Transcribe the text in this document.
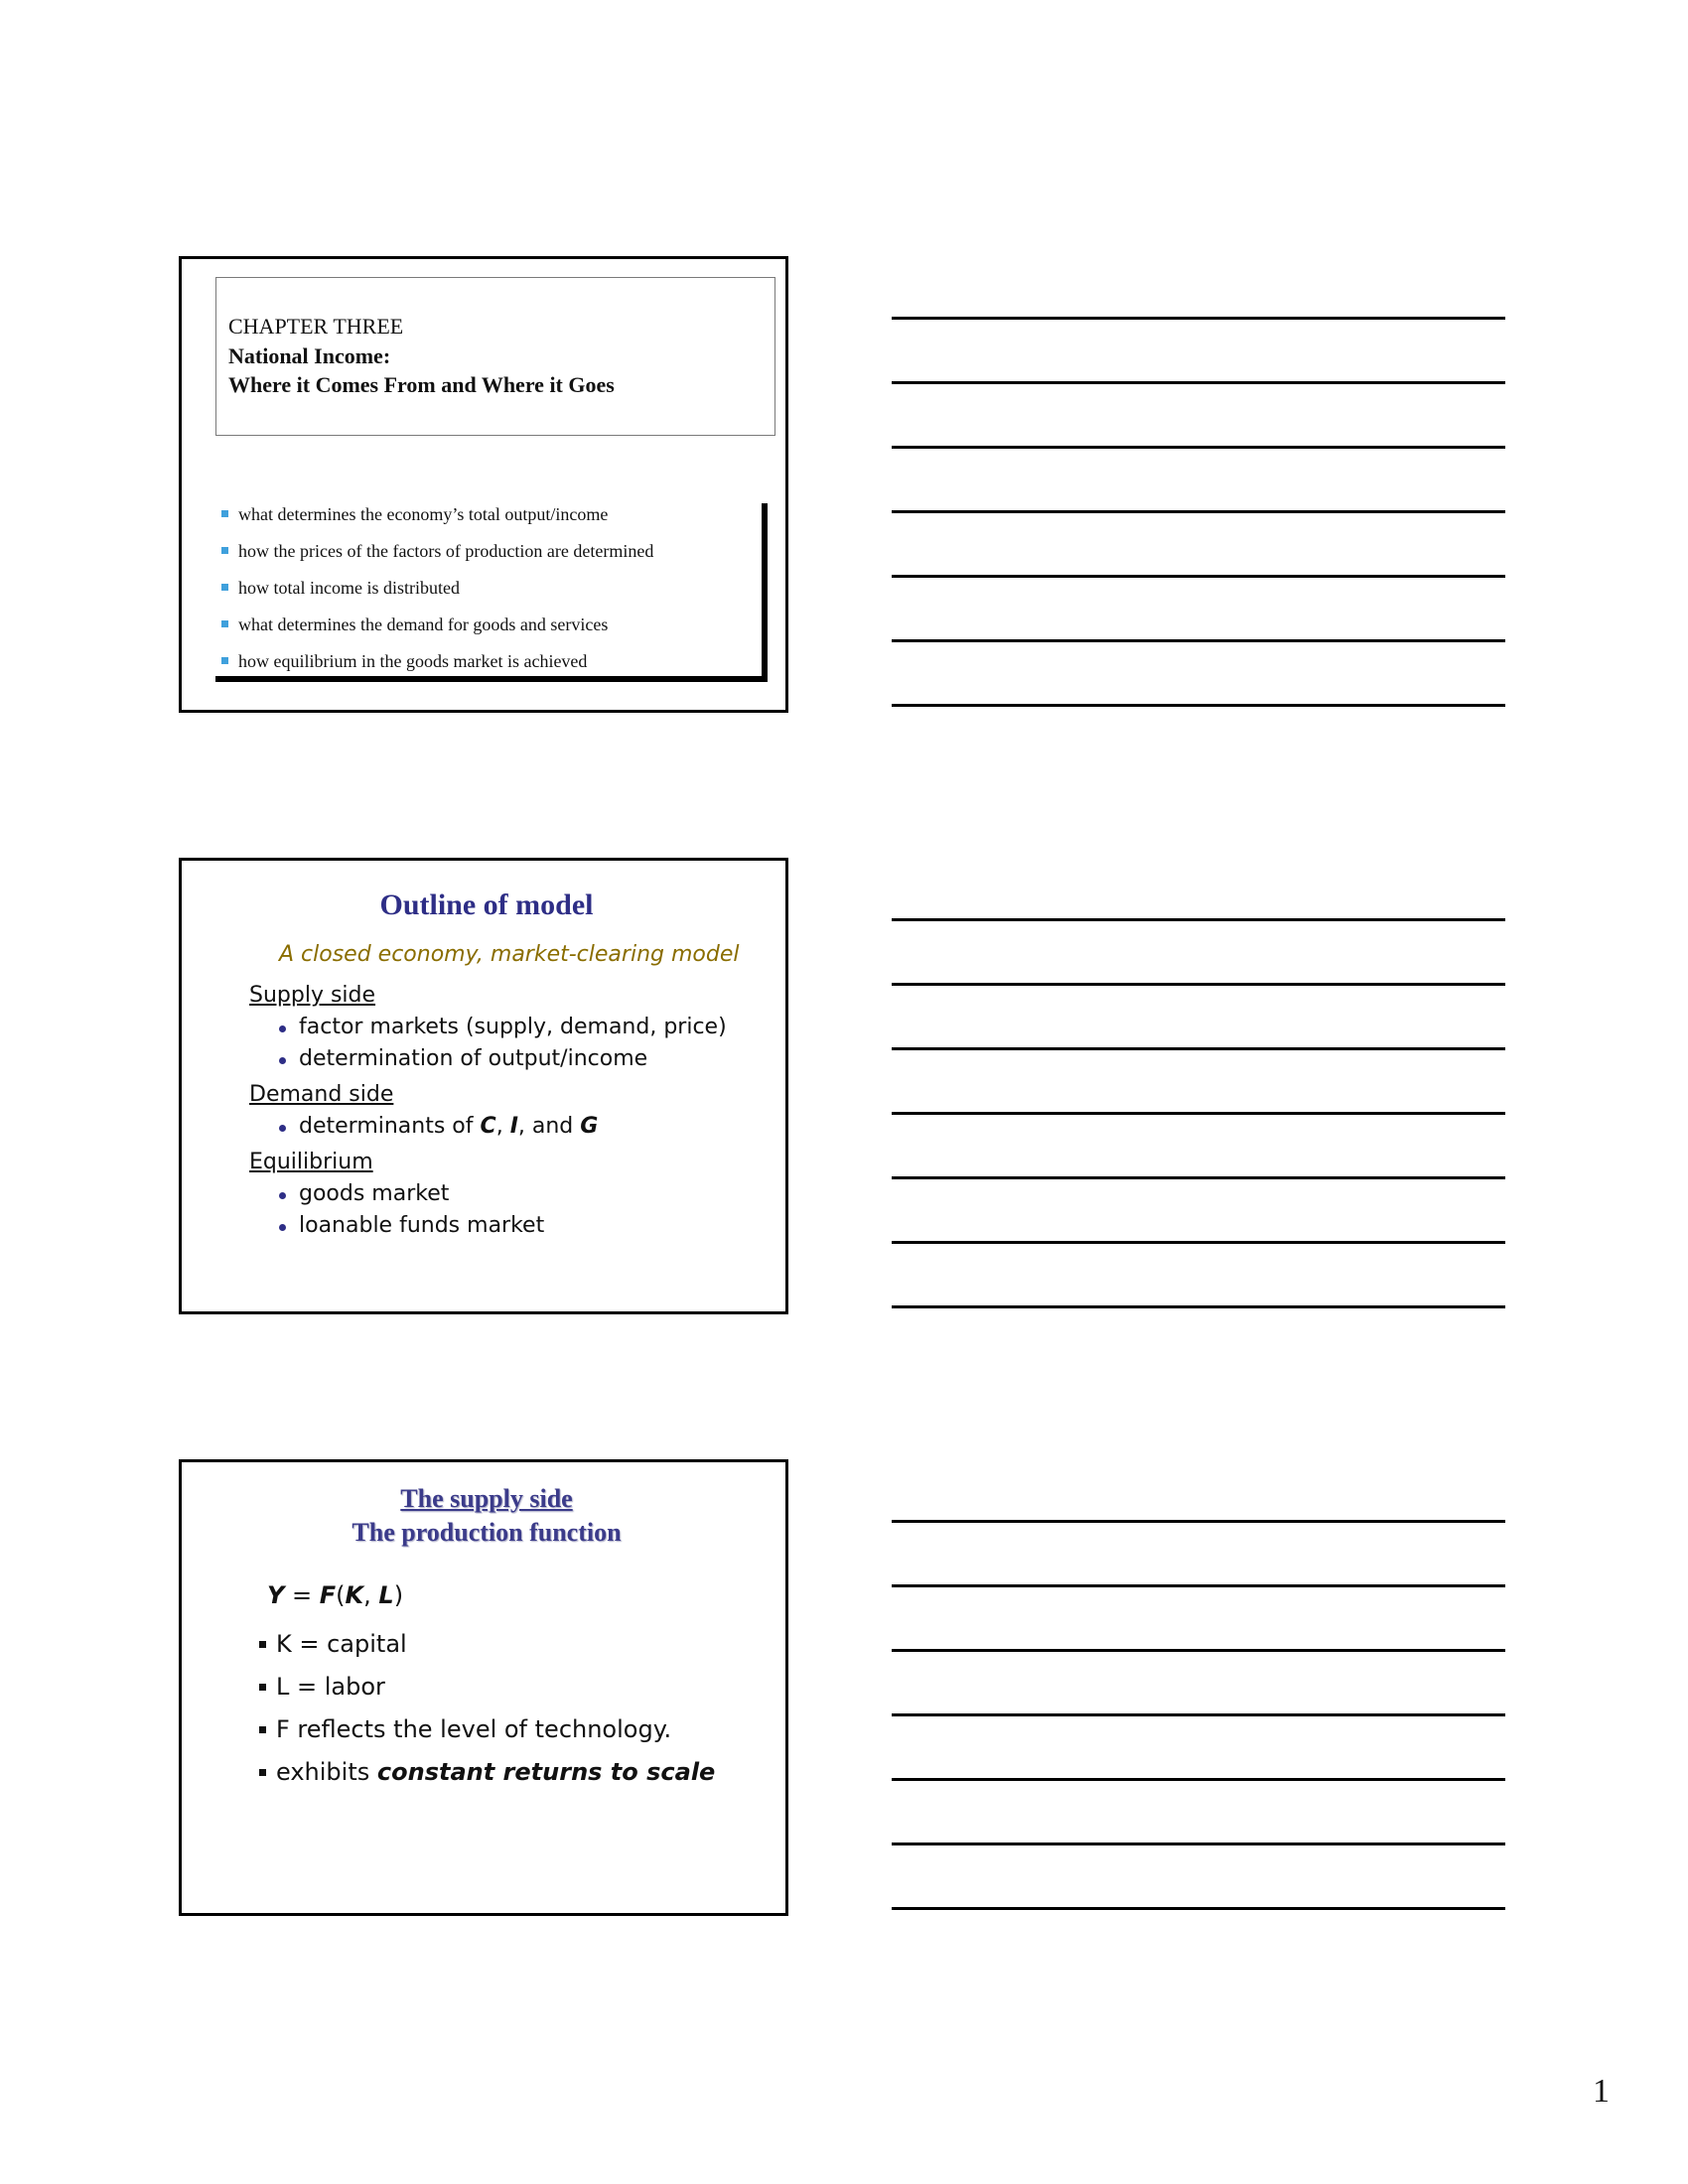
CHAPTER THREE
National Income:
Where it Comes From and Where it Goes
what determines the economy’s total output/income
how the prices of the factors of production are determined
how total income is distributed
what determines the demand for goods and services
how equilibrium in the goods market is achieved
Outline of model
A closed economy, market-clearing model
Supply side
factor markets (supply, demand, price)
determination of output/income
Demand side
determinants of C, I, and G
Equilibrium
goods market
loanable funds market
The supply side
The production function
Y = F(K, L)
K = capital
L = labor
F reflects the level of technology.
exhibits constant returns to scale
1
